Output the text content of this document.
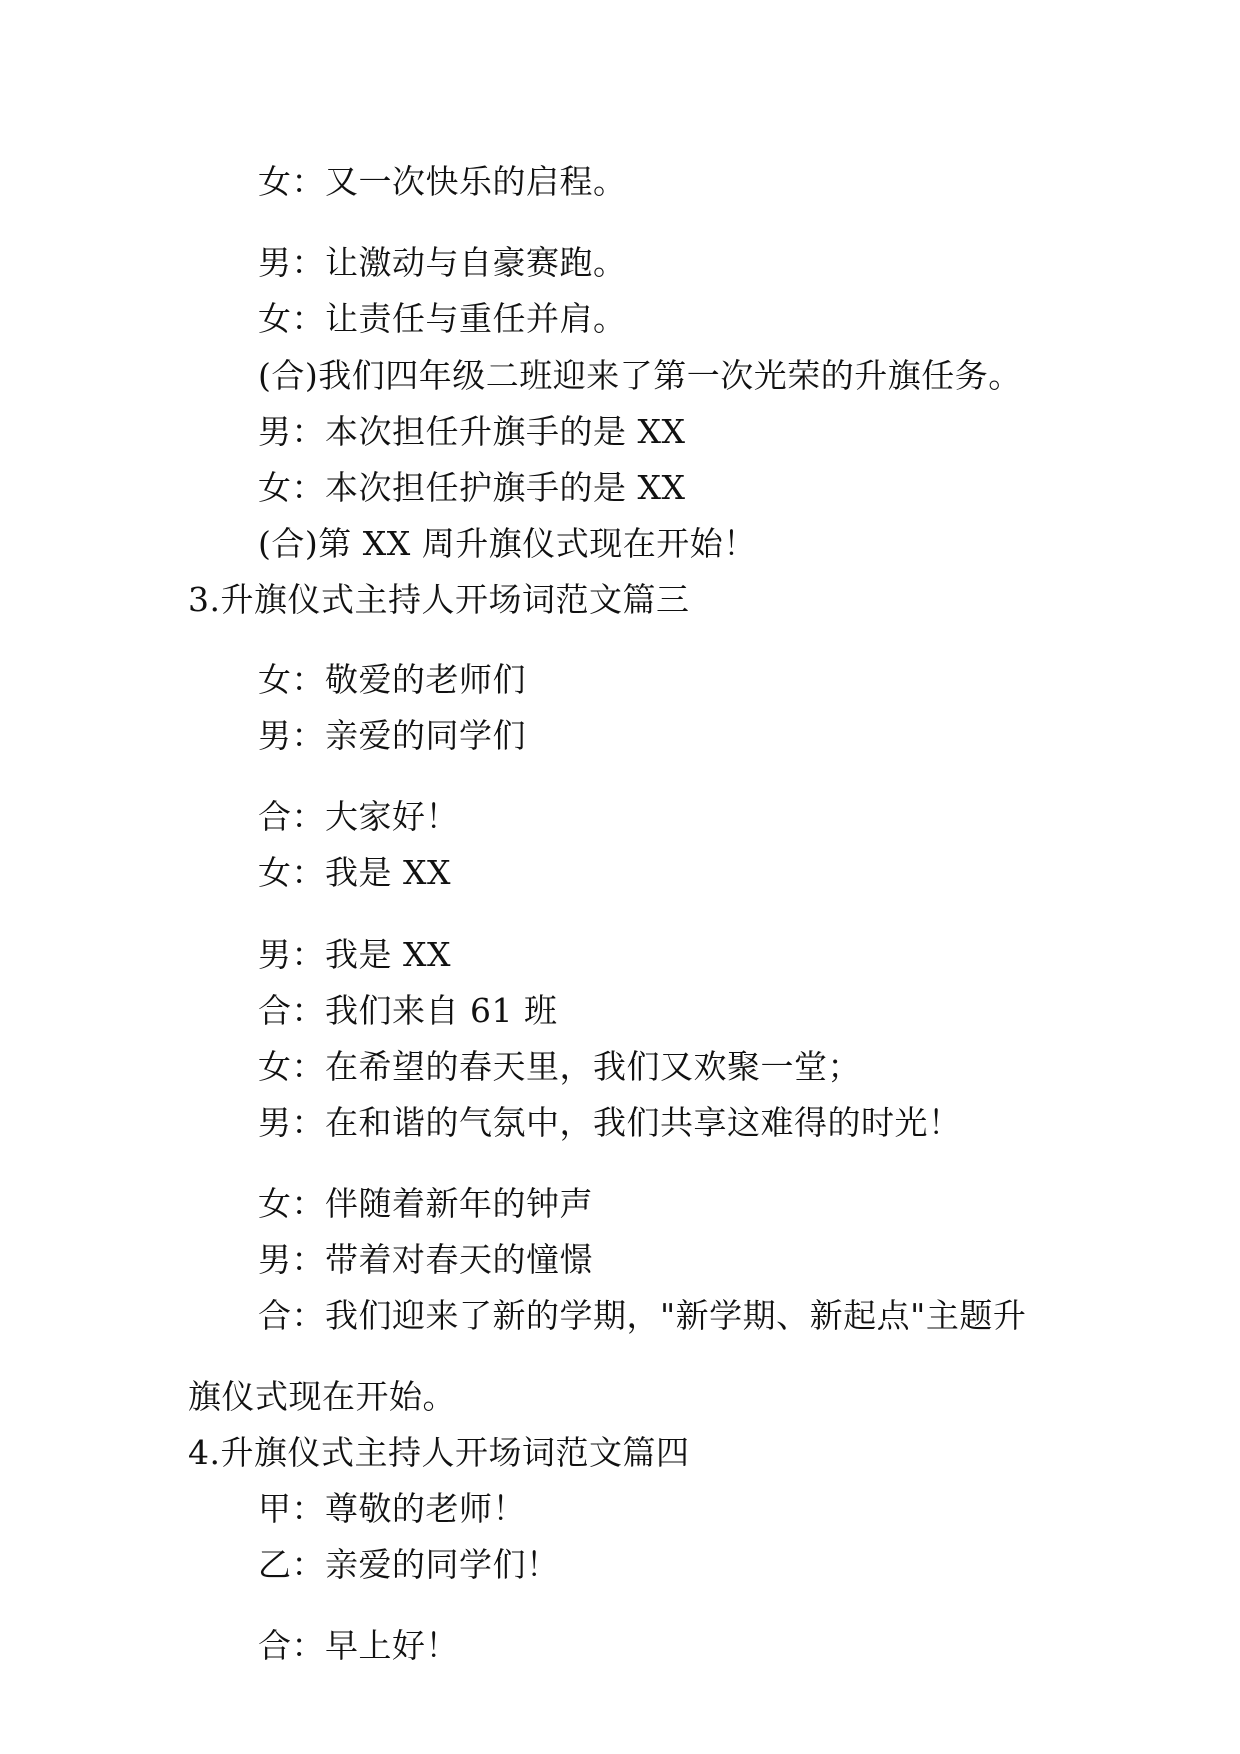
女：又一次快乐的启程。
男：让激动与自豪赛跑。
女：让责任与重任并肩。
(合)我们四年级二班迎来了第一次光荣的升旗任务。
男：本次担任升旗手的是 XX
女：本次担任护旗手的是 XX
(合)第 XX 周升旗仪式现在开始！
3.升旗仪式主持人开场词范文篇三
女：敬爱的老师们
男：亲爱的同学们
合：大家好！
女：我是 XX
男：我是 XX
合：我们来自 61 班
女：在希望的春天里，我们又欢聚一堂；
男：在和谐的气氛中，我们共享这难得的时光！
女：伴随着新年的钟声
男：带着对春天的憧憬
合：我们迎来了新的学期，"新学期、新起点"主题升
旗仪式现在开始。
4.升旗仪式主持人开场词范文篇四
甲：尊敬的老师！
乙：亲爱的同学们！
合：早上好！
